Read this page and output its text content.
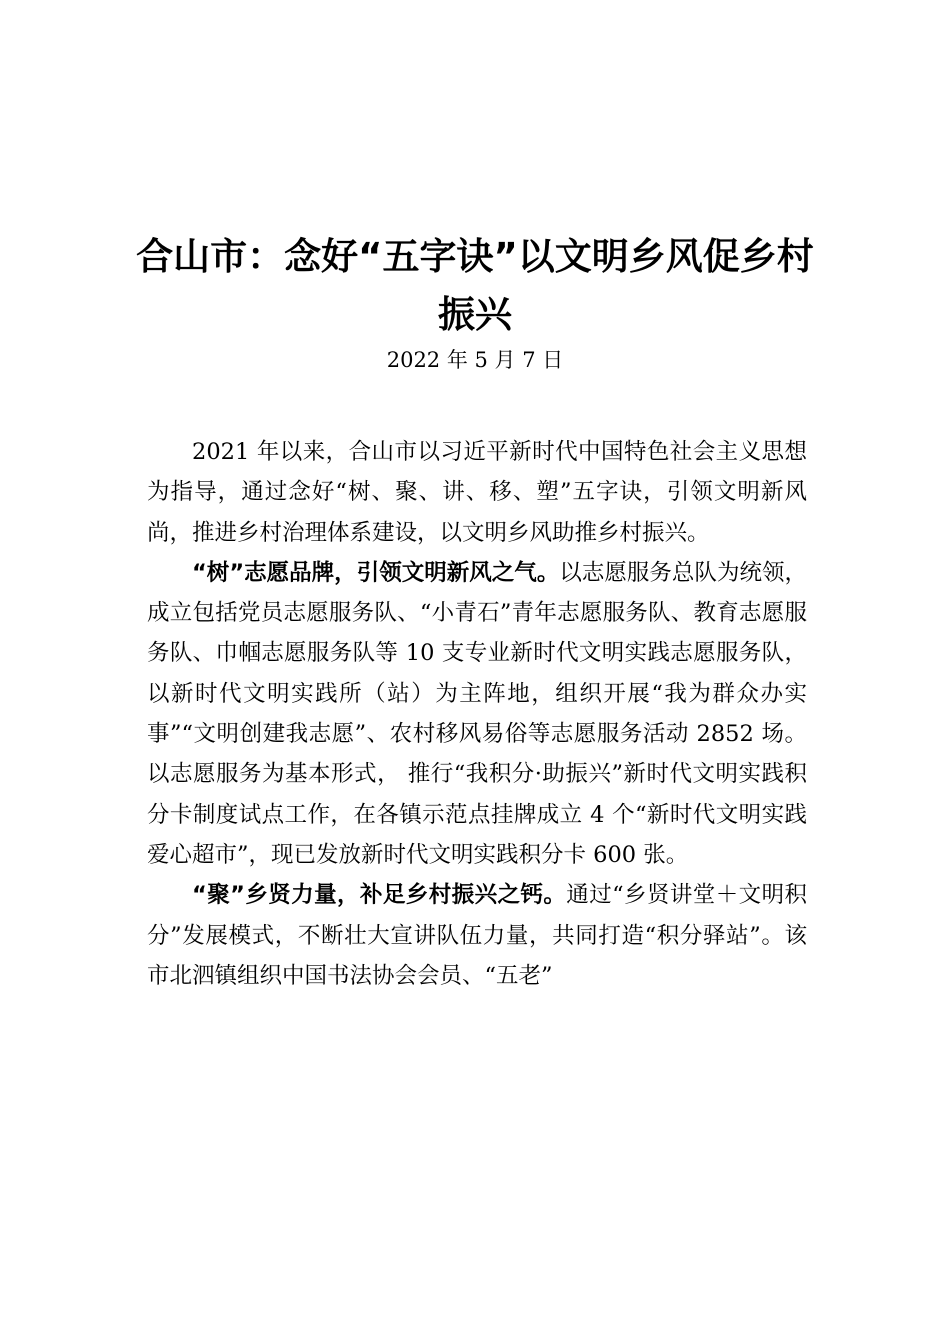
合山市：念好“五字诀”以文明乡风促乡村振兴
2022 年 5 月 7 日

2021 年以来，合山市以习近平新时代中国特色社会主义思想为指导，通过念好“树、聚、讲、移、塑”五字诀，引领文明新风尚，推进乡村治理体系建设，以文明乡风助推乡村振兴。

“树”志愿品牌，引领文明新风之气。以志愿服务总队为统领，成立包括党员志愿服务队、“小青石”青年志愿服务队、教育志愿服务队、巾帼志愿服务队等 10 支专业新时代文明实践志愿服务队，以新时代文明实践所（站）为主阵地，组织开展“我为群众办实事”“文明创建我志愿”、农村移风易俗等志愿服务活动 2852 场。以志愿服务为基本形式， 推行“我积分·助振兴”新时代文明实践积分卡制度试点工作，在各镇示范点挂牌成立 4 个“新时代文明实践爱心超市”，现已发放新时代文明实践积分卡 600 张。

“聚”乡贤力量，补足乡村振兴之钙。通过“乡贤讲堂＋文明积分”发展模式，不断壮大宣讲队伍力量，共同打造“积分驿站”。该市北泗镇组织中国书法协会会员、“五老”
